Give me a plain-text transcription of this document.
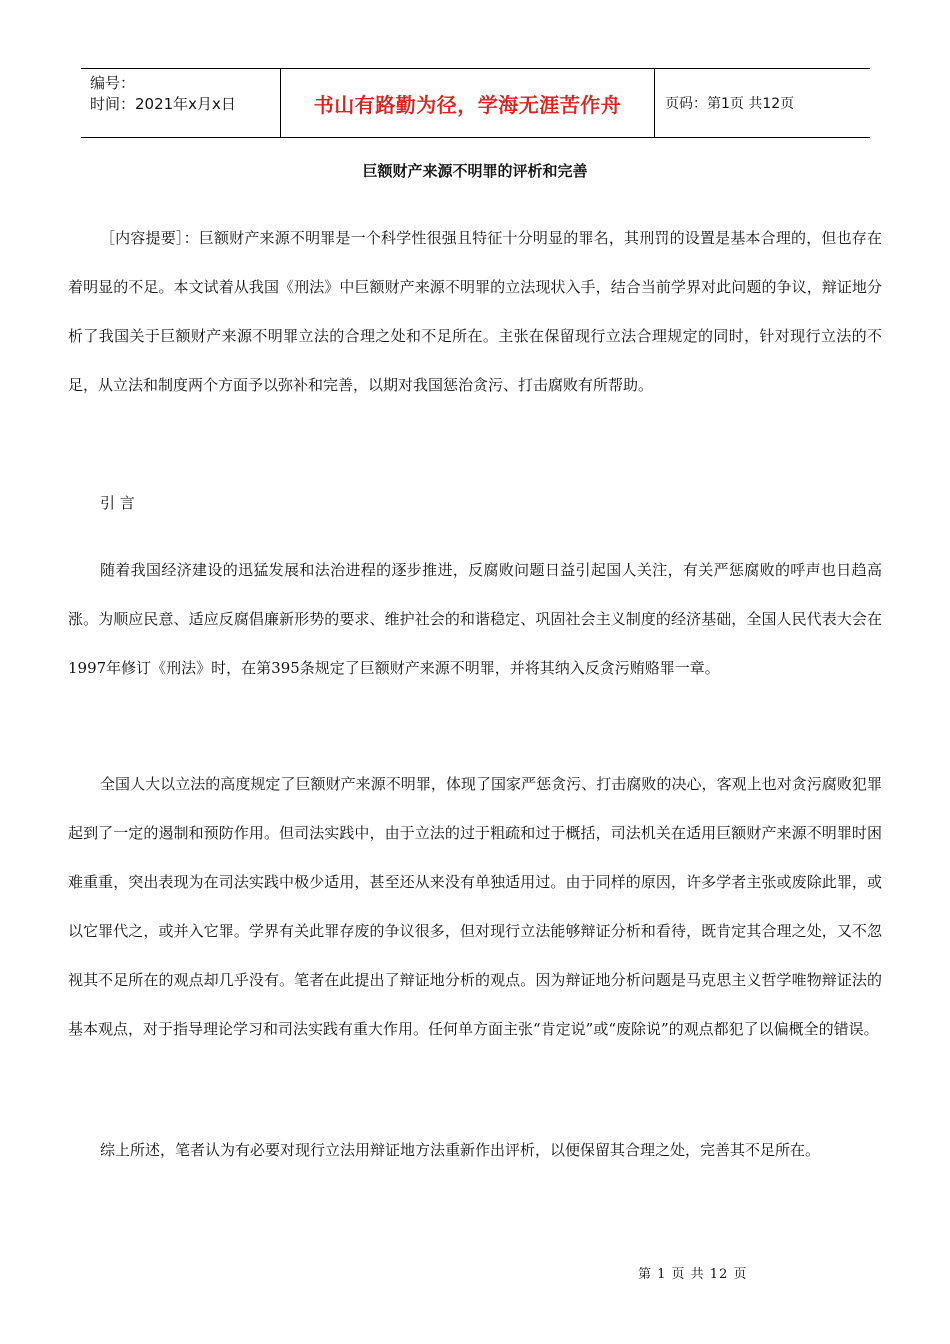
编号：
时间：2021年x月x日	书山有路勤为径，学海无涯苦作舟	页码：第1页 共12页
巨额财产来源不明罪的评析和完善

［内容提要］：巨额财产来源不明罪是一个科学性很强且特征十分明显的罪名，其刑罚的设置是基本合理的，但也存在着明显的不足。本文试着从我国《刑法》中巨额财产来源不明罪的立法现状入手，结合当前学界对此问题的争议，辩证地分析了我国关于巨额财产来源不明罪立法的合理之处和不足所在。主张在保留现行立法合理规定的同时，针对现行立法的不足，从立法和制度两个方面予以弥补和完善，以期对我国惩治贪污、打击腐败有所帮助。

引 言

随着我国经济建设的迅猛发展和法治进程的逐步推进，反腐败问题日益引起国人关注，有关严惩腐败的呼声也日趋高涨。为顺应民意、适应反腐倡廉新形势的要求、维护社会的和谐稳定、巩固社会主义制度的经济基础，全国人民代表大会在1997年修订《刑法》时，在第395条规定了巨额财产来源不明罪，并将其纳入反贪污贿赂罪一章。

全国人大以立法的高度规定了巨额财产来源不明罪，体现了国家严惩贪污、打击腐败的决心，客观上也对贪污腐败犯罪起到了一定的遏制和预防作用。但司法实践中，由于立法的过于粗疏和过于概括，司法机关在适用巨额财产来源不明罪时困难重重，突出表现为在司法实践中极少适用，甚至还从来没有单独适用过。由于同样的原因，许多学者主张或废除此罪，或以它罪代之，或并入它罪。学界有关此罪存废的争议很多，但对现行立法能够辩证分析和看待，既肯定其合理之处，又不忽视其不足所在的观点却几乎没有。笔者在此提出了辩证地分析的观点。因为辩证地分析问题是马克思主义哲学唯物辩证法的基本观点，对于指导理论学习和司法实践有重大作用。任何单方面主张“肯定说”或“废除说”的观点都犯了以偏概全的错误。

综上所述，笔者认为有必要对现行立法用辩证地方法重新作出评析，以便保留其合理之处，完善其不足所在。

第 1 页 共 12 页
